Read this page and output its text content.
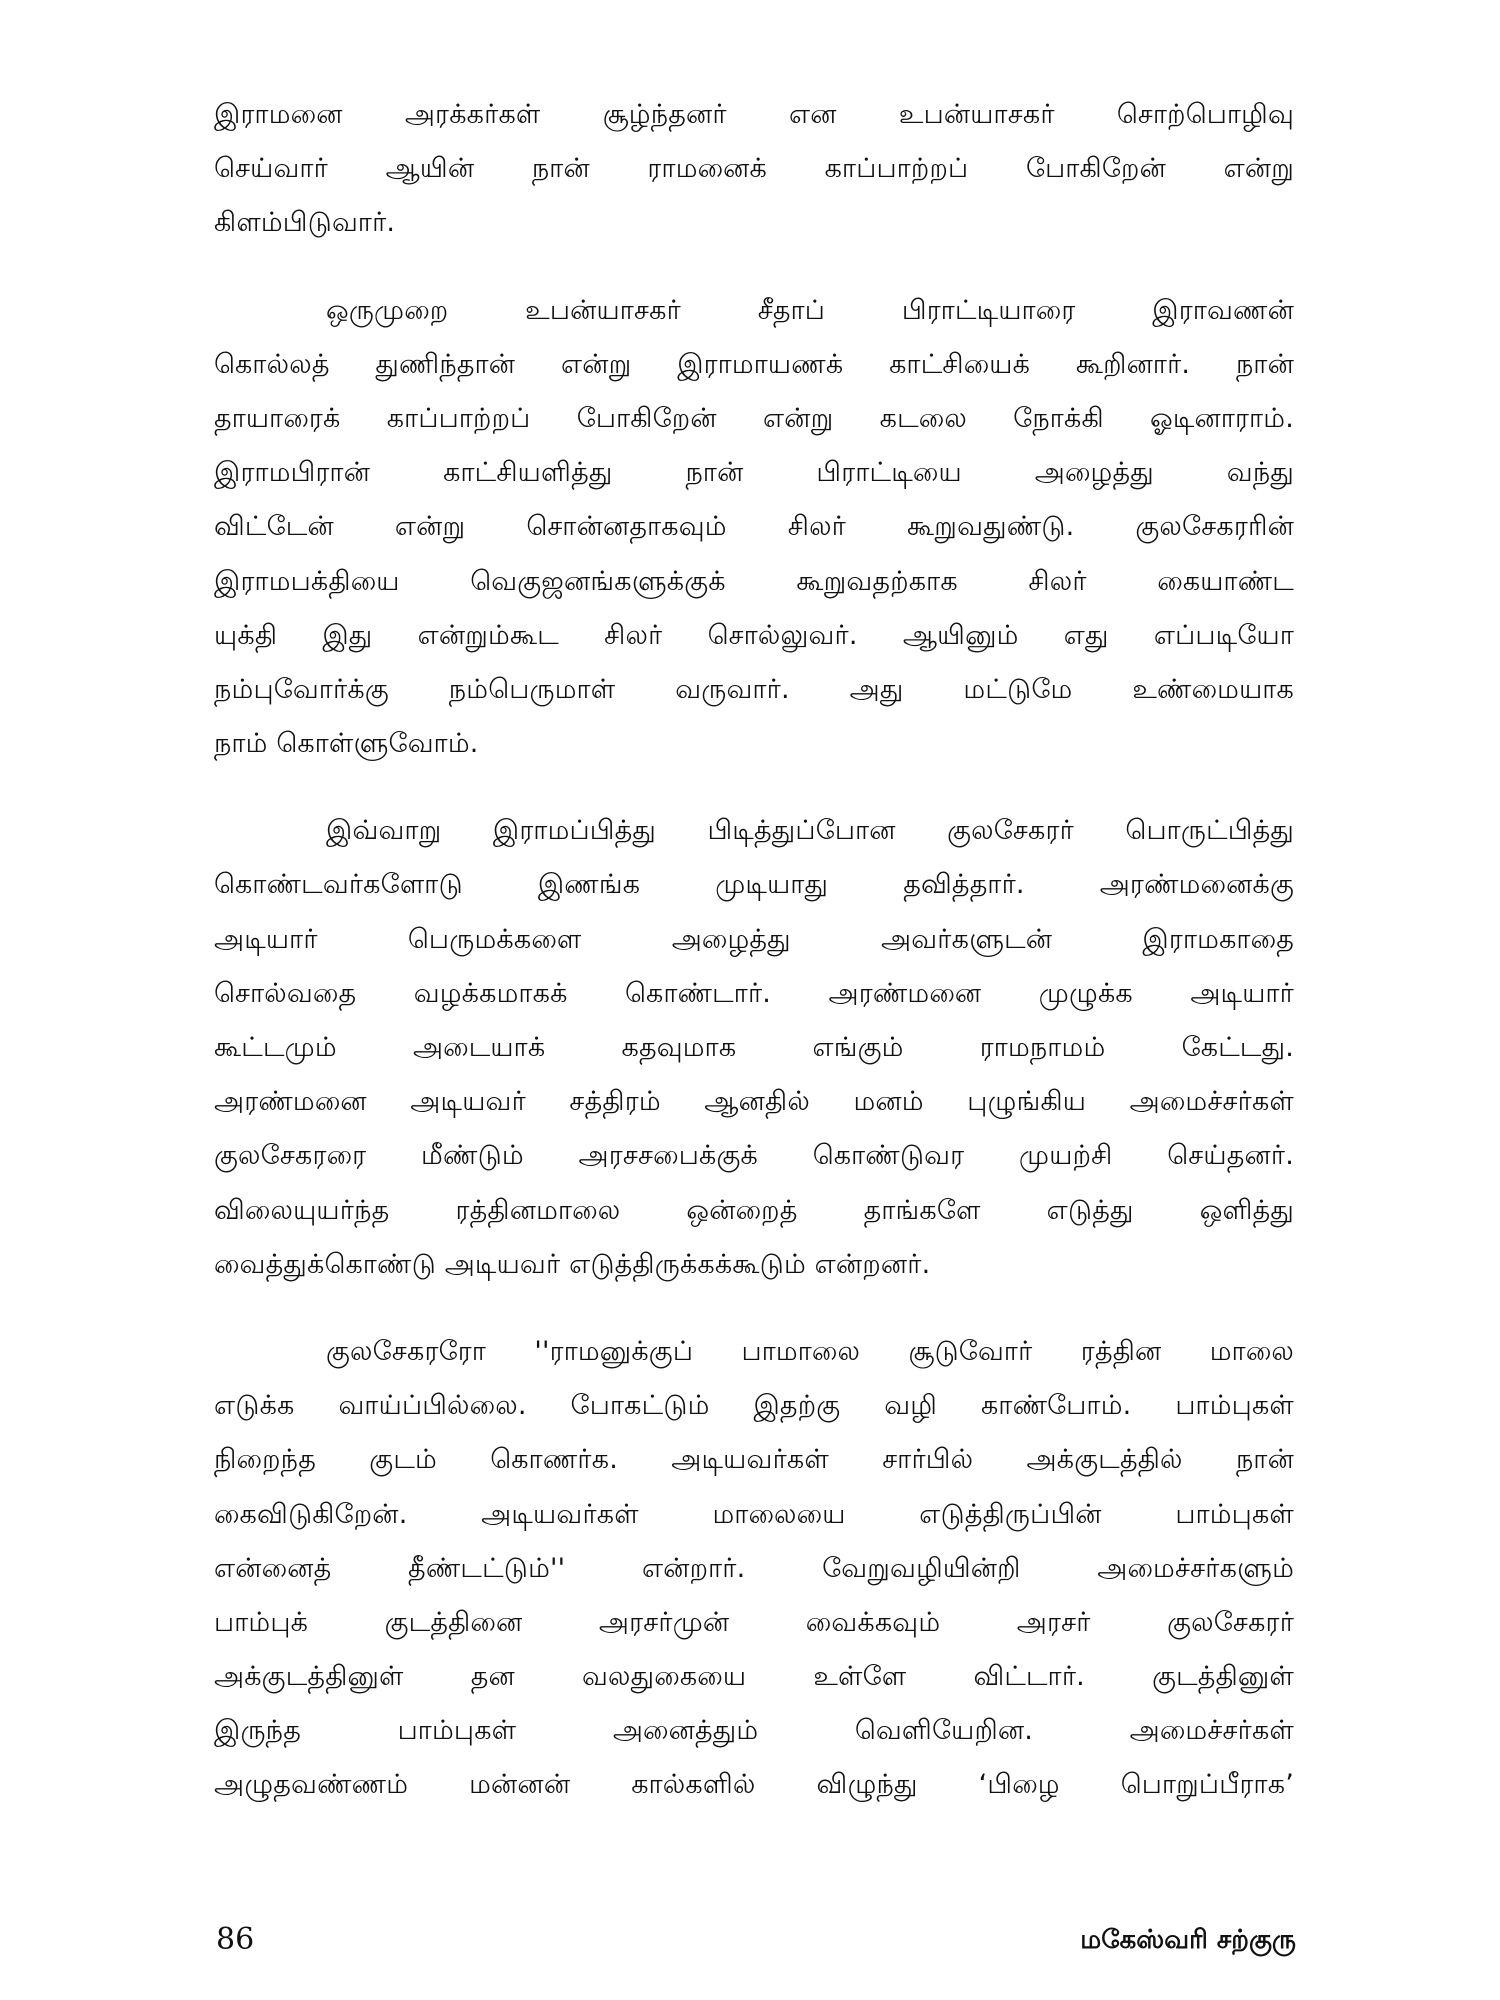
இராமனை அரக்கர்கள் சூழ்ந்தனர் என உபன்யாசகர் சொற்பொழிவு
செய்வார் ஆயின் நான் ராமனைக் காப்பாற்றப் போகிறேன் என்று
கிளம்பிடுவார்.
ஒருமுறை உபன்யாசகர் சீதாப் பிராட்டியாரை இராவணன்
கொல்லத் துணிந்தான் என்று இராமாயணக் காட்சியைக் கூறினார். நான்
தாயாரைக் காப்பாற்றப் போகிறேன் என்று கடலை நோக்கி ஓடினாராம்.
இராமபிரான் காட்சியளித்து நான் பிராட்டியை அழைத்து வந்து
விட்டேன் என்று சொன்னதாகவும் சிலர் கூறுவதுண்டு. குலசேகரரின்
இராமபக்தியை வெகுஜனங்களுக்குக் கூறுவதற்காக சிலர் கையாண்ட
யுக்தி இது என்றும்கூட சிலர் சொல்லுவர். ஆயினும் எது எப்படியோ
நம்புவோர்க்கு நம்பெருமாள் வருவார். அது மட்டுமே உண்மையாக
நாம் கொள்ளுவோம்.
இவ்வாறு இராமப்பித்து பிடித்துப்போன குலசேகரர் பொருட்பித்து
கொண்டவர்களோடு இணங்க முடியாது தவித்தார். அரண்மனைக்கு
அடியார் பெருமக்களை அழைத்து அவர்களுடன் இராமகாதை
சொல்வதை வழக்கமாகக் கொண்டார். அரண்மனை முழுக்க அடியார்
கூட்டமும் அடையாக் கதவுமாக எங்கும் ராமநாமம் கேட்டது.
அரண்மனை அடியவர் சத்திரம் ஆனதில் மனம் புழுங்கிய அமைச்சர்கள்
குலசேகரரை மீண்டும் அரசசபைக்குக் கொண்டுவர முயற்சி செய்தனர்.
விலையுயர்ந்த ரத்தினமாலை ஒன்றைத் தாங்களே எடுத்து ஒளித்து
வைத்துக்கொண்டு அடியவர் எடுத்திருக்கக்கூடும் என்றனர்.
குலசேகரரோ ''ராமனுக்குப் பாமாலை சூடுவோர் ரத்தின மாலை
எடுக்க வாய்ப்பில்லை. போகட்டும் இதற்கு வழி காண்போம். பாம்புகள்
நிறைந்த குடம் கொணர்க. அடியவர்கள் சார்பில் அக்குடத்தில் நான்
கைவிடுகிறேன். அடியவர்கள் மாலையை எடுத்திருப்பின் பாம்புகள்
என்னைத் தீண்டட்டும்'' என்றார். வேறுவழியின்றி அமைச்சர்களும்
பாம்புக் குடத்தினை அரசர்முன் வைக்கவும் அரசர் குலசேகரர்
அக்குடத்தினுள் தன வலதுகையை உள்ளே விட்டார். குடத்தினுள்
இருந்த பாம்புகள் அனைத்தும் வெளியேறின. அமைச்சர்கள்
அழுதவண்ணம் மன்னன் கால்களில் விழுந்து ‘பிழை பொறுப்பீராக’
86	மகேஸ்வரி சற்குரு
